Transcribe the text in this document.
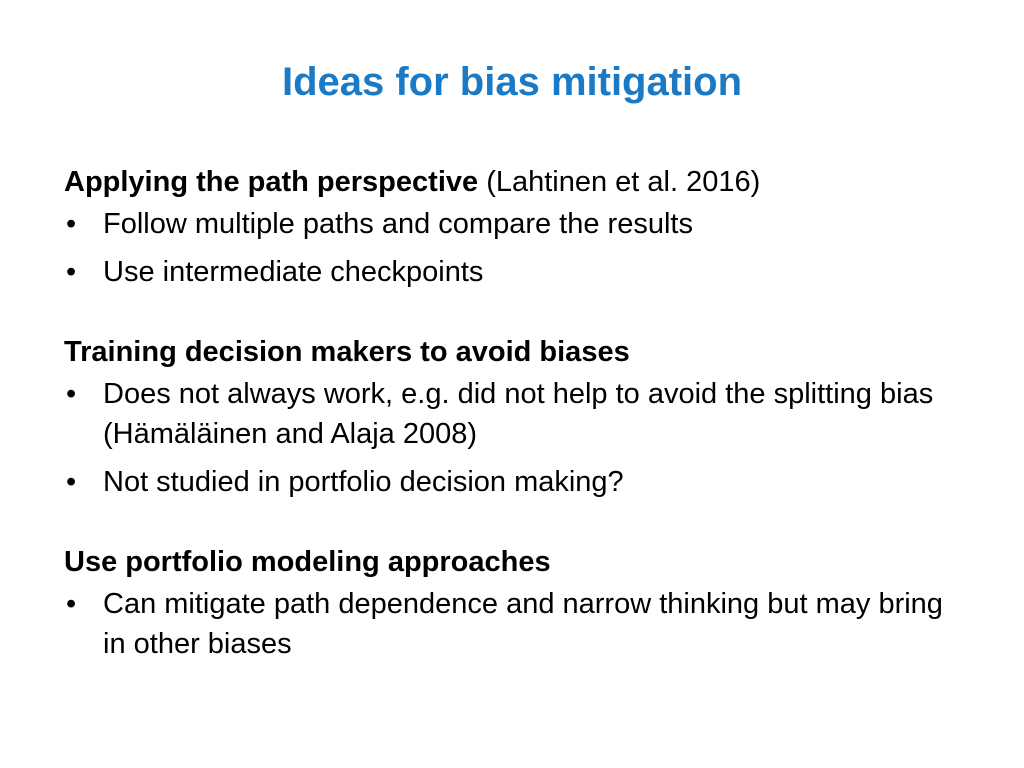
Ideas for bias mitigation

Applying the path perspective (Lahtinen et al. 2016)

• Follow multiple paths and compare the results
• Use intermediate checkpoints

Training decision makers to avoid biases

• Does not always work, e.g. did not help to avoid the splitting bias (Hämäläinen and Alaja 2008)
• Not studied in portfolio decision making?

Use portfolio modeling approaches

• Can mitigate path dependence and narrow thinking but may bring in other biases
